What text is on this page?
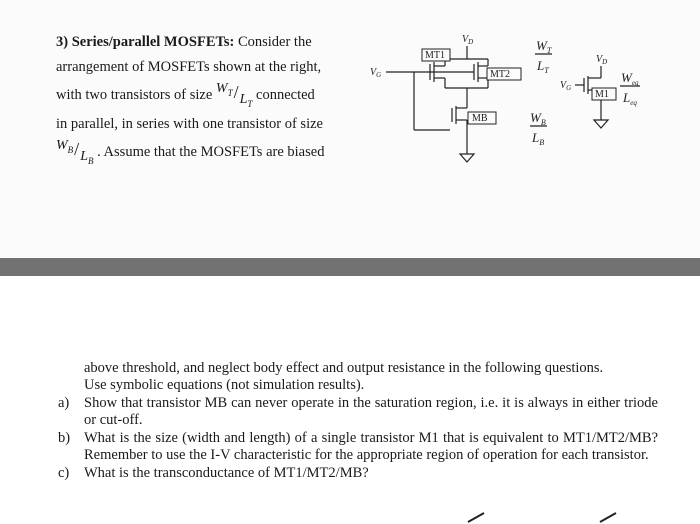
3) Series/parallel MOSFETs: Consider the
arrangement of MOSFETs shown at the right,
with two transistors of size $W_T/L_T$ connected
in parallel, in series with one transistor of size
$W_B/L_B$ . Assume that the MOSFETs are biased
$V_D$
$V_G$
MT1
MT2
MB
M1
$V_D$
$V_G$
$W_T$
$L_T$
$W_B$
$L_B$
$W_{eq}$
$L_{eq}$
above threshold, and neglect body effect and output resistance in the following questions.
Use symbolic equations (not simulation results).
a)	Show that transistor MB can never operate in the saturation region, i.e. it is always in either triode or cut-off.
b) What is the size (width and length) of a single transistor M1 that is equivalent to MT1/MT2/MB? Remember to use the I-V characteristic for the appropriate region of operation for each transistor.
c)	What is the transconductance of MT1/MT2/MB?
